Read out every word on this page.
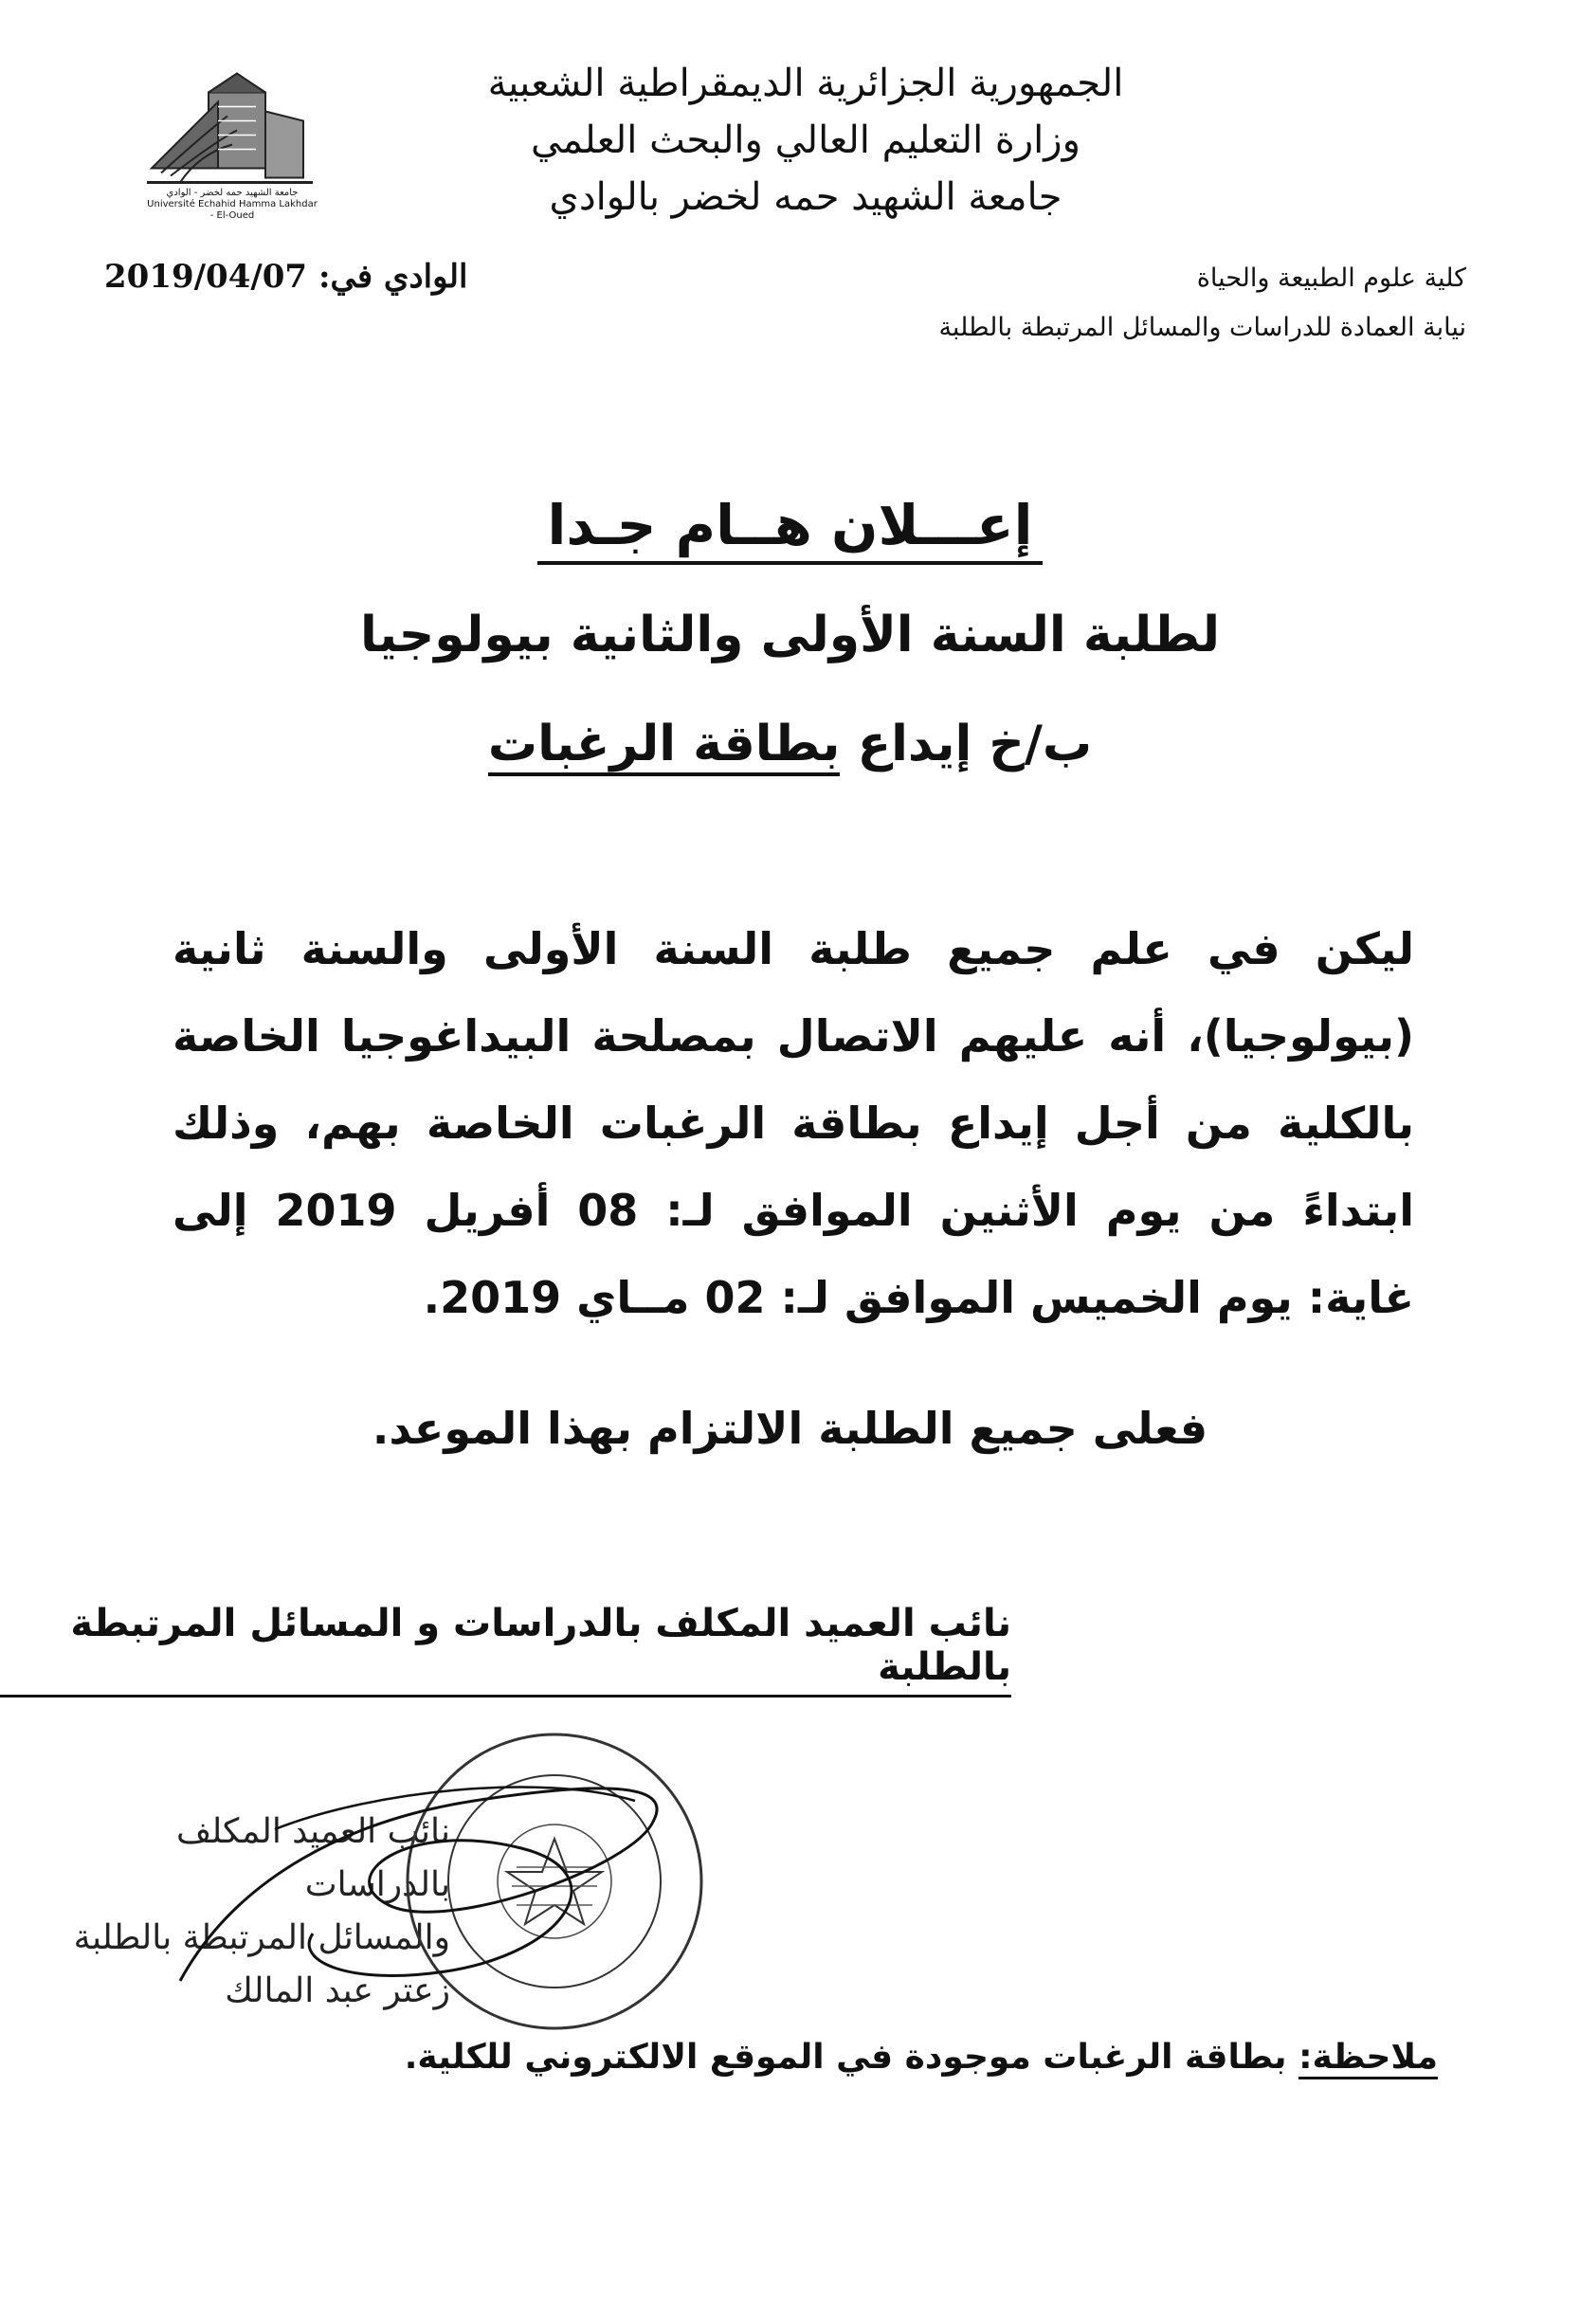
جامعة الشهيد حمه لخضر - الوادي
Université Echahid Hamma Lakhdar - El-Oued
الجمهورية الجزائرية الديمقراطية الشعبية
وزارة التعليم العالي والبحث العلمي
جامعة الشهيد حمه لخضر بالوادي
كلية علوم الطبيعة والحياة
نيابة العمادة للدراسات والمسائل المرتبطة بالطلبة
الوادي في: 2019/04/07
إعـــلان هــام جـدا
لطلبة السنة الأولى والثانية بيولوجيا
ب/خ إيداع بطاقة الرغبات
ليكن في علم جميع طلبة السنة الأولى والسنة ثانية (بيولوجيا)، أنه عليهم الاتصال بمصلحة البيداغوجيا الخاصة بالكلية من أجل إيداع بطاقة الرغبات الخاصة بهم، وذلك ابتداءً من يوم الأثنين الموافق لـ: 08 أفريل 2019 إلى غاية: يوم الخميس الموافق لـ: 02 مــاي 2019.
فعلى جميع الطلبة الالتزام بهذا الموعد.
نائب العميد المكلف بالدراسات و المسائل المرتبطة بالطلبة
نائب العميد المكلف بالدراسات
والمسائل المرتبطة بالطلبة
زعتر عبد المالك
ملاحظة: بطاقة الرغبات موجودة في الموقع الالكتروني للكلية.
